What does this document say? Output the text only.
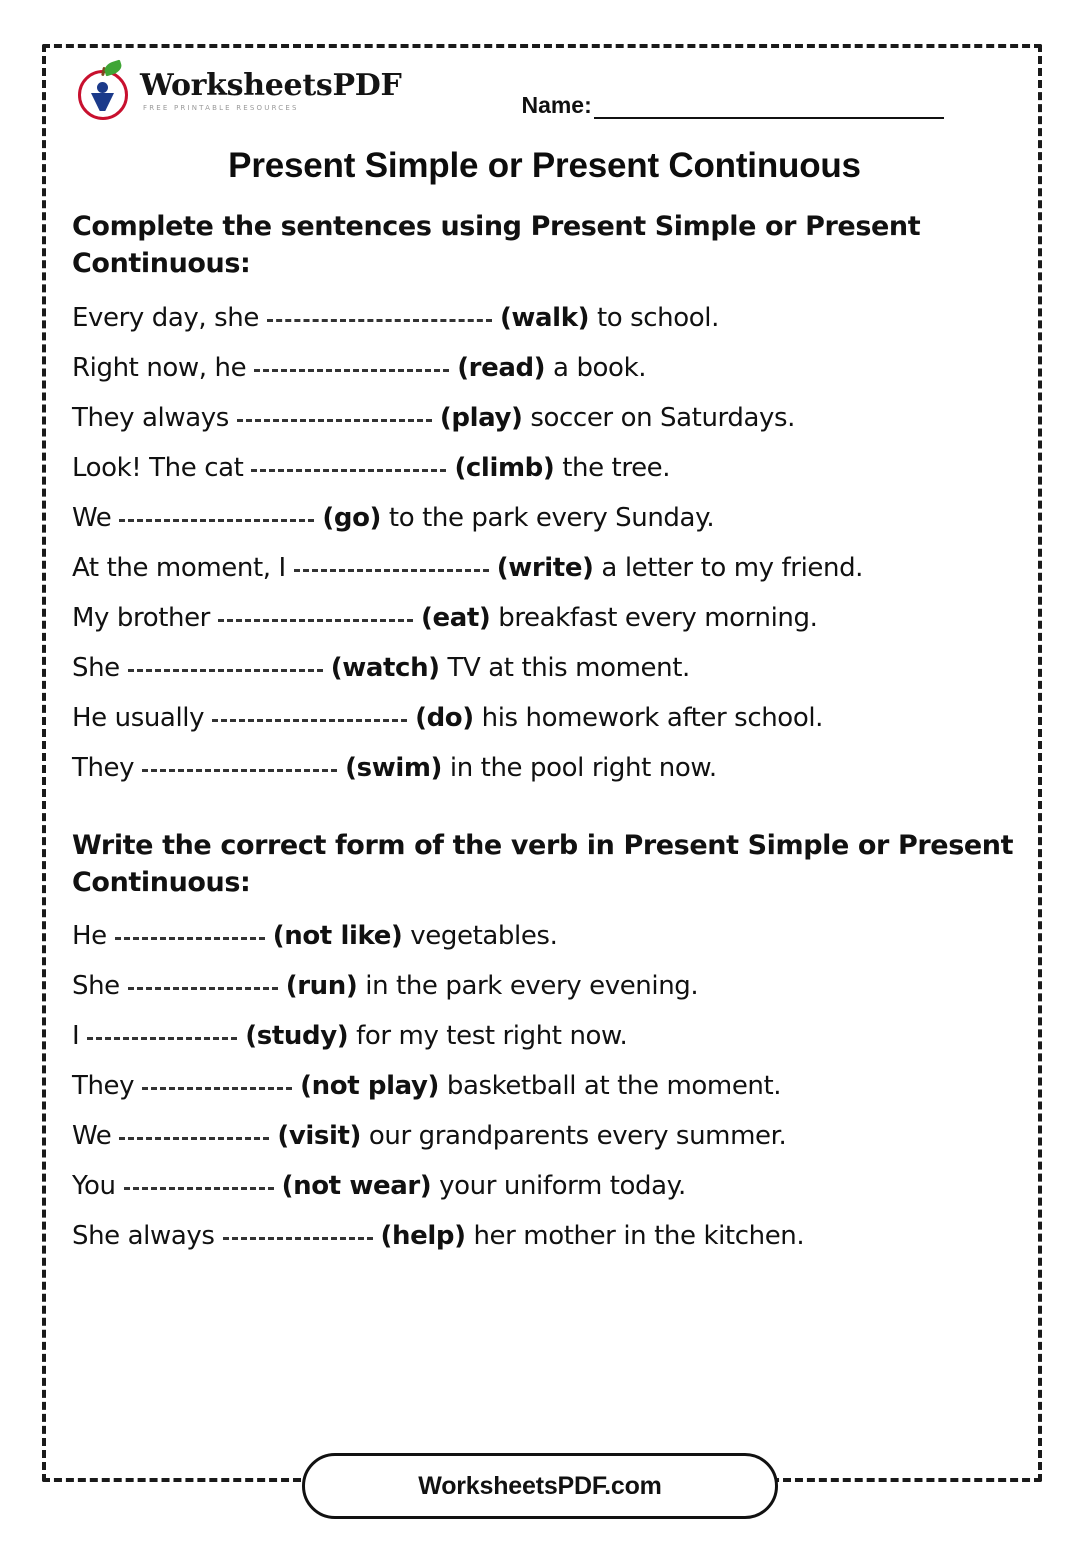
WorksheetsPDF
FREE PRINTABLE RESOURCES	Name:
Present Simple or Present Continuous
Complete the sentences using Present Simple or Present Continuous:
Every day, she	(walk) to school.
Right now, he	(read) a book.
They always	(play) soccer on Saturdays.
Look! The cat	(climb) the tree.
We	(go) to the park every Sunday.
At the moment, I	(write) a letter to my friend.
My brother	(eat) breakfast every morning.
She	(watch) TV at this moment.
He usually	(do) his homework after school.
They	(swim) in the pool right now.
Write the correct form of the verb in Present Simple or Present Continuous:
He	(not like) vegetables.
She	(run) in the park every evening.
I	(study) for my test right now.
They	(not play) basketball at the moment.
We	(visit) our grandparents every summer.
You	(not wear) your uniform today.
She always	(help) her mother in the kitchen.
WorksheetsPDF.com
